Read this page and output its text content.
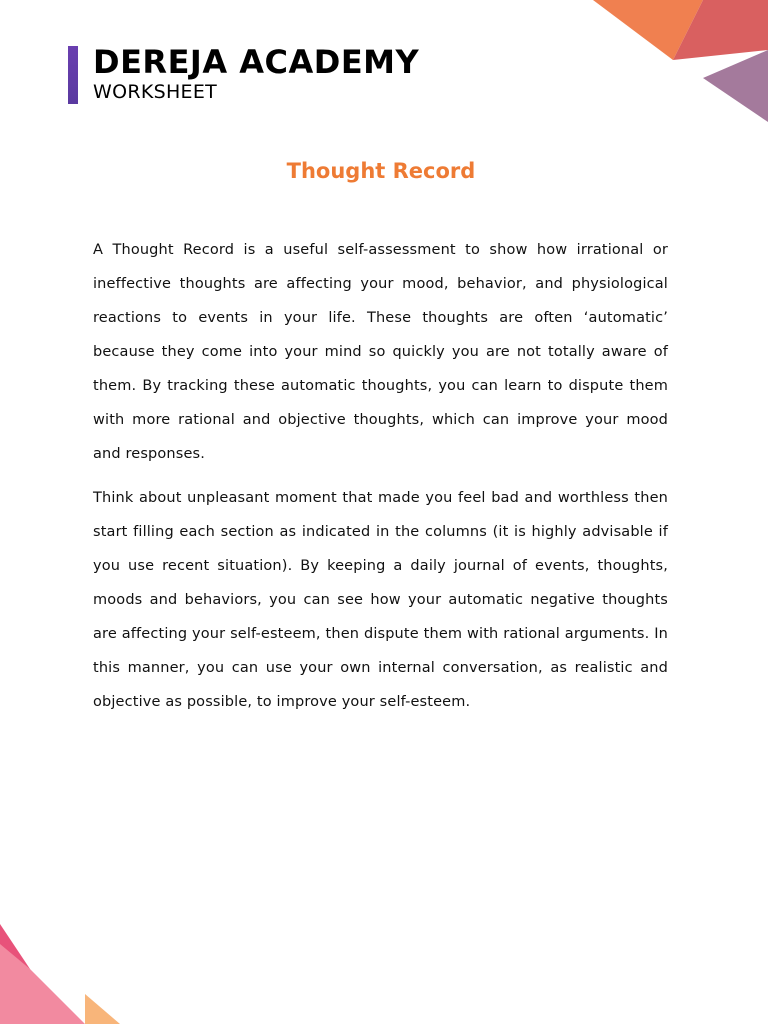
DEREJA ACADEMY
WORKSHEET
Thought Record

A Thought Record is a useful self-assessment to show how irrational or ineffective thoughts are affecting your mood, behavior, and physiological reactions to events in your life. These thoughts are often ‘automatic’ because they come into your mind so quickly you are not totally aware of them. By tracking these automatic thoughts, you can learn to dispute them with more rational and objective thoughts, which can improve your mood and responses.

Think about unpleasant moment that made you feel bad and worthless then start filling each section as indicated in the columns (it is highly advisable if you use recent situation). By keeping a daily journal of events, thoughts, moods and behaviors, you can see how your automatic negative thoughts are affecting your self-esteem, then dispute them with rational arguments. In this manner, you can use your own internal conversation, as realistic and objective as possible, to improve your self-esteem.
